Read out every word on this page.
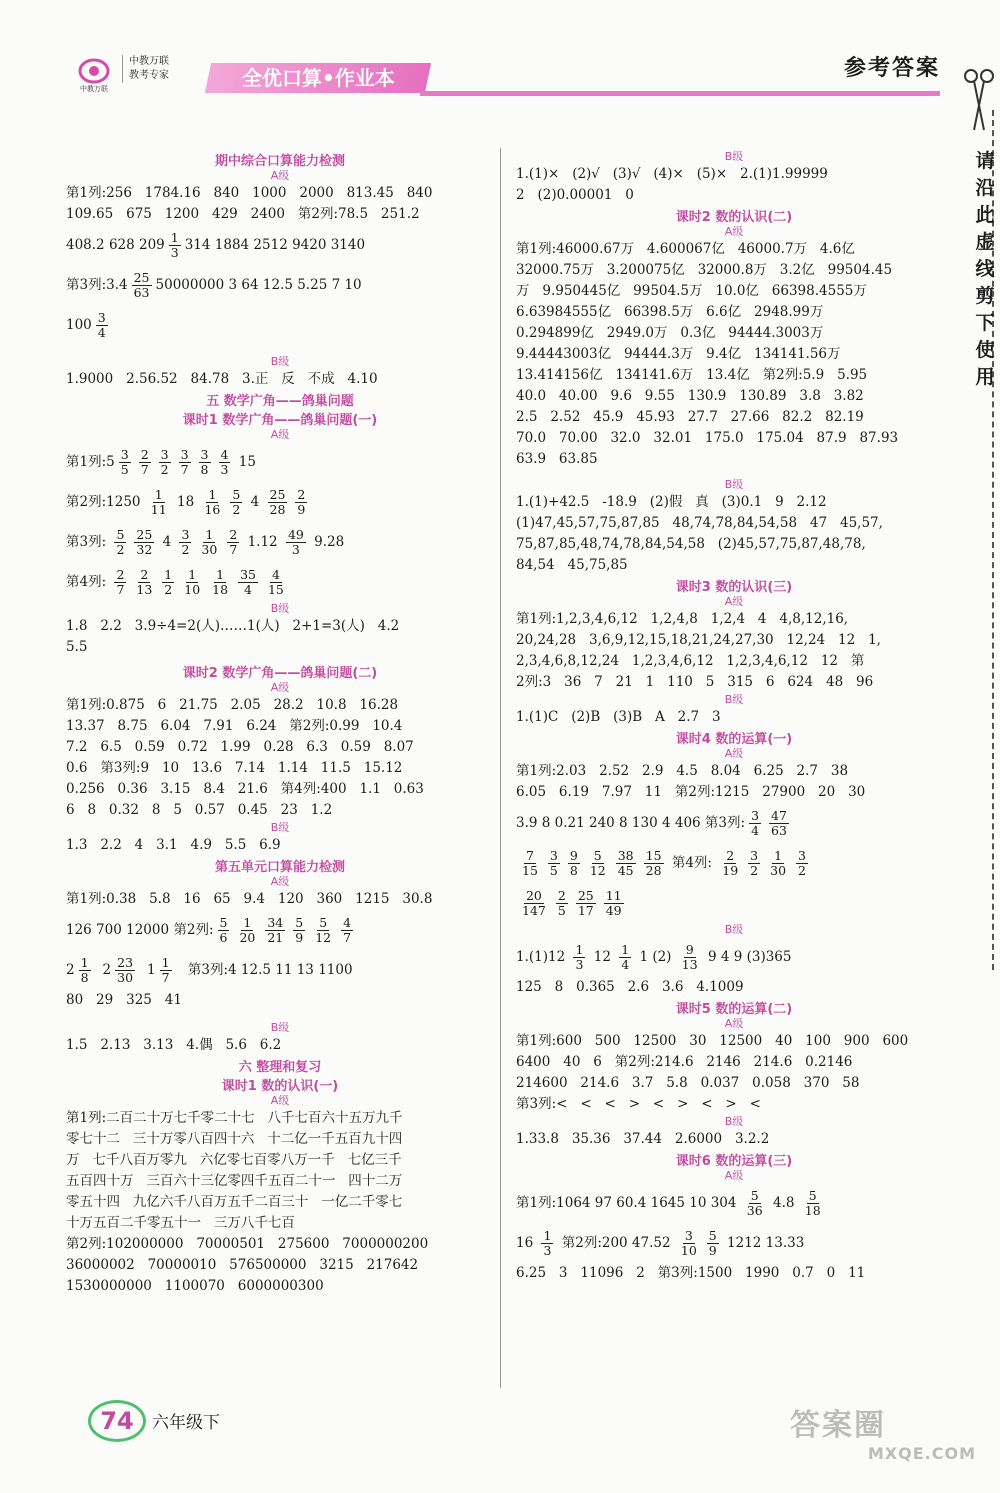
中教万联
中教万联
教考专家	全优口算•作业本	参考答案
请沿此虚线剪下使用
期中综合口算能力检测
A级
第1列:256   1784.16   840   1000   2000   813.45   840
109.65   675   1200   429   2400   第2列:78.5   251.2
408.2 628 $209 \frac{1}{3} 314$ 1884 2512 9420 3140
第3列:3.4 $\frac{25}{63} 50000000$ 3 64 12.5 5.25 7 10
$100 \frac{3}{4}$
B级
1.9000   2.56.52   84.78   3.正   反   不成   4.10
五 数学广角——鸽巢问题
课时1 数学广角——鸽巢问题(一)
A级
第1列:5 $\frac{3}{5} \frac{2}{7} \frac{3}{2} \frac{3}{7} \frac{3}{8} \frac{4}{3} 15$
第2列:1250 $\frac{1}{11} 18 \frac{1}{16} \frac{5}{2} 4 \frac{25}{28} \frac{2}{9}$
第3列: $\frac{5}{2} \frac{25}{32} 4 \frac{3}{2} \frac{1}{30} \frac{2}{7} 1.12 \frac{49}{3} 9.28$
第4列: $\frac{2}{7} \frac{2}{13} \frac{1}{2} \frac{1}{10} \frac{1}{18} \frac{35}{4} \frac{4}{15}$
B级
1.8   2.2   3.9÷4=2(人)……1(人)   2+1=3(人)   4.2
5.5
课时2 数学广角——鸽巢问题(二)
A级
第1列:0.875   6   21.75   2.05   28.2   10.8   16.28
13.37   8.75   6.04   7.91   6.24   第2列:0.99   10.4
7.2   6.5   0.59   0.72   1.99   0.28   6.3   0.59   8.07
0.6   第3列:9   10   13.6   7.14   1.14   11.5   15.12
0.256   0.36   3.15   8.4   21.6   第4列:400   1.1   0.63
6   8   0.32   8   5   0.57   0.45   23   1.2
B级
1.3   2.2   4   3.1   4.9   5.5   6.9
第五单元口算能力检测
A级
第1列:0.38   5.8   16   65   9.4   120   360   1215   30.8
126 700 12000 第2列: $\frac{5}{6} \frac{1}{20} \frac{34}{21} \frac{5}{9} \frac{5}{12} \frac{4}{7}$
$2 \frac{1}{8} 2 \frac{23}{30} 1 \frac{1}{7}$ 第3列:4 12.5 11 13 1100
80   29   325   41
B级
1.5   2.13   3.13   4.偶   5.6   6.2
六 整理和复习
课时1 数的认识(一)
A级
第1列:二百二十万七千零二十七   八千七百六十五万九千
零七十二   三十万零八百四十六   十二亿一千五百九十四
万   七千八百万零九   六亿零七百零八万一千   七亿三千
五百四十万   三百六十三亿零四千五百二十一   四十二万
零五十四   九亿六千八百万五千二百三十   一亿二千零七
十万五百二千零五十一   三万八千七百
第2列:102000000   70000501   275600   7000000200
36000002   70000010   576500000   3215   217642
1530000000   1100070   6000000300
B级
1.(1)×   (2)√   (3)√   (4)×   (5)×   2.(1)1.99999
2   (2)0.00001   0
课时2 数的认识(二)
A级
第1列:46000.67万   4.600067亿   46000.7万   4.6亿
32000.75万   3.200075亿   32000.8万   3.2亿   99504.45
万   9.950445亿   99504.5万   10.0亿   66398.4555万
6.63984555亿   66398.5万   6.6亿   2948.99万
0.294899亿   2949.0万   0.3亿   94444.3003万
9.44443003亿   94444.3万   9.4亿   134141.56万
13.414156亿   134141.6万   13.4亿   第2列:5.9   5.95
40.0   40.00   9.6   9.55   130.9   130.89   3.8   3.82
2.5   2.52   45.9   45.93   27.7   27.66   82.2   82.19
70.0   70.00   32.0   32.01   175.0   175.04   87.9   87.93
63.9   63.85
B级
1.(1)+42.5   -18.9   (2)假   真   (3)0.1   9   2.12
(1)47,45,57,75,87,85   48,74,78,84,54,58   47   45,57,
75,87,85,48,74,78,84,54,58   (2)45,57,75,87,48,78,
84,54   45,75,85
课时3 数的认识(三)
A级
第1列:1,2,3,4,6,12   1,2,4,8   1,2,4   4   4,8,12,16,
20,24,28   3,6,9,12,15,18,21,24,27,30   12,24   12   1,
2,3,4,6,8,12,24   1,2,3,4,6,12   1,2,3,4,6,12   12   第
2列:3   36   7   21   1   110   5   315   6   624   48   96
B级
1.(1)C   (2)B   (3)B   A   2.7   3
课时4 数的运算(一)
A级
第1列:2.03   2.52   2.9   4.5   8.04   6.25   2.7   38
6.05   6.19   7.97   11   第2列:1215   27900   20   30
3.9 8 0.21 240 8 130 4 406 第3列: $\frac{3}{4} \frac{47}{63}$
$\frac{7}{15} \frac{3}{5} \frac{9}{8} \frac{5}{12} \frac{38}{45} \frac{15}{28}$ 第4列: $\frac{2}{19} \frac{3}{2} \frac{1}{30} \frac{3}{2}$
$\frac{20}{147} \frac{2}{5} \frac{25}{17} \frac{11}{49}$
B级
$1.(1)12 \frac{1}{3} 12 \frac{1}{4} 1$ $(2) \frac{9}{13} 9$ 4 9 (3)365
125   8   0.365   2.6   3.6   4.1009
课时5 数的运算(二)
A级
第1列:600   500   12500   30   12500   40   100   900   600
6400   40   6   第2列:214.6   2146   214.6   0.2146
214600   214.6   3.7   5.8   0.037   0.058   370   58
第3列:<   <   <   >   <   >   <   >   <
B级
1.33.8   35.36   37.44   2.6000   3.2.2
课时6 数的运算(三)
A级
第1列:1064 97 60.4 1645 10 $304 \frac{5}{36} 4.8 \frac{5}{18}$
$16 \frac{1}{3}$ 第2列:200 $47.52 \frac{3}{10} \frac{5}{9} 1212$ 13.33
6.25   3   11096   2   第3列:1500   1990   0.7   0   11
74	六年级下	答案圈
MXQE.COM
